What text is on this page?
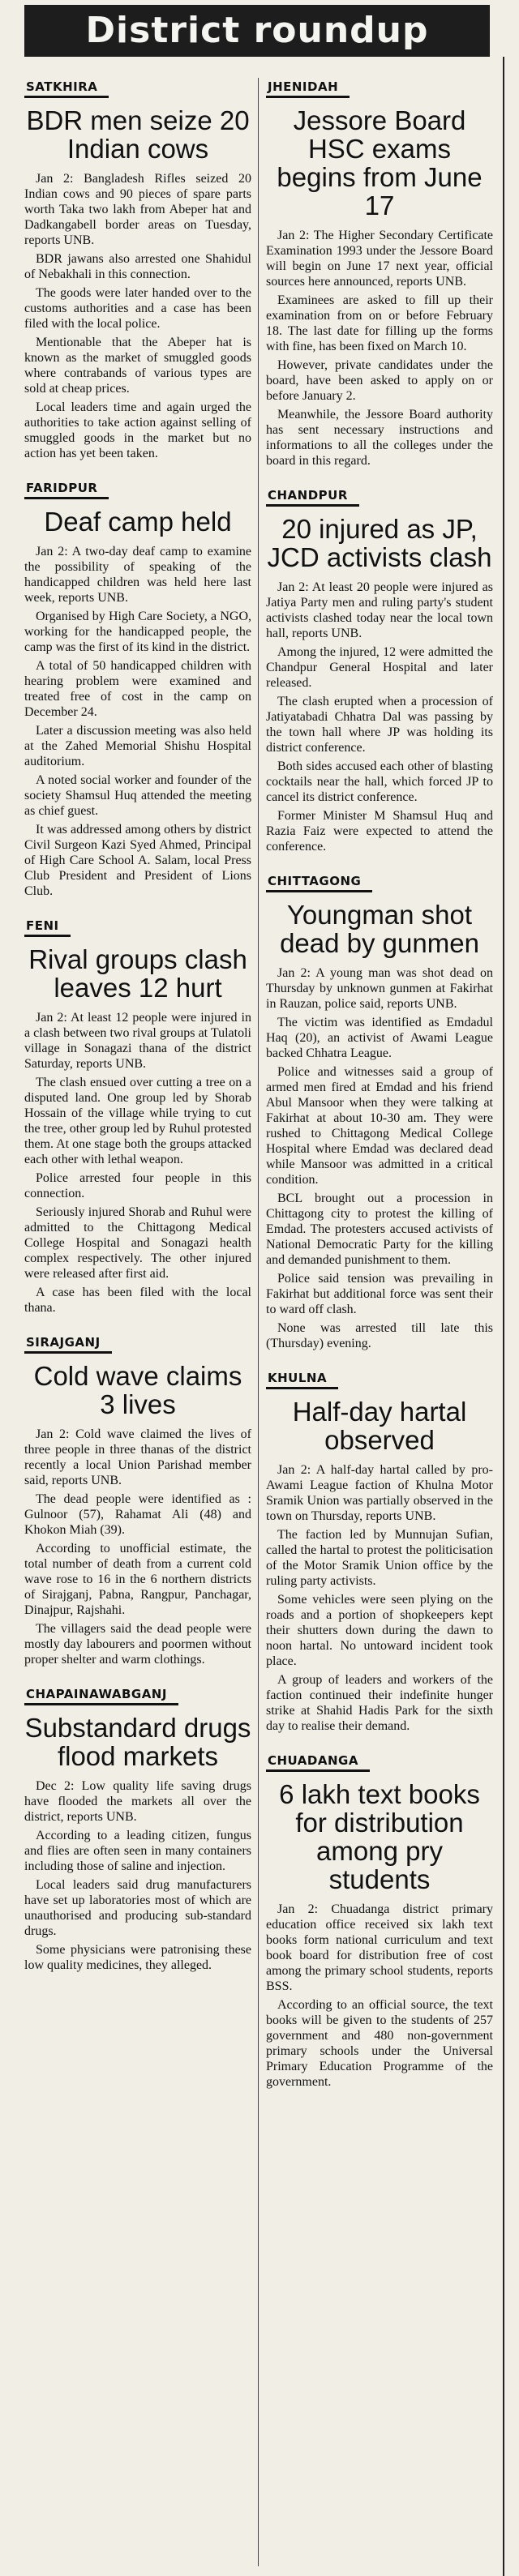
District roundup
SATKHIRA
BDR men seize 20 Indian cows

Jan 2: Bangladesh Rifles seized 20 Indian cows and 90 pieces of spare parts worth Taka two lakh from Abeper hat and Dadkangabell border areas on Tuesday, reports UNB.

BDR jawans also arrested one Shahidul of Nebakhali in this connection.

The goods were later handed over to the customs authorities and a case has been filed with the local police.

Mentionable that the Abeper hat is known as the market of smuggled goods where contrabands of various types are sold at cheap prices.

Local leaders time and again urged the authorities to take action against selling of smuggled goods in the market but no action has yet been taken.

FARIDPUR
Deaf camp held

Jan 2: A two-day deaf camp to examine the possibility of speaking of the handicapped children was held here last week, reports UNB.

Organised by High Care Society, a NGO, working for the handicapped people, the camp was the first of its kind in the district.

A total of 50 handicapped children with hearing problem were examined and treated free of cost in the camp on December 24.

Later a discussion meeting was also held at the Zahed Memorial Shishu Hospital auditorium.

A noted social worker and founder of the society Shamsul Huq attended the meeting as chief guest.

It was addressed among others by district Civil Surgeon Kazi Syed Ahmed, Principal of High Care School A. Salam, local Press Club President and President of Lions Club.

FENI
Rival groups clash leaves 12 hurt

Jan 2: At least 12 people were injured in a clash between two rival groups at Tulatoli village in Sonagazi thana of the district Saturday, reports UNB.

The clash ensued over cutting a tree on a disputed land. One group led by Shorab Hossain of the village while trying to cut the tree, other group led by Ruhul protested them. At one stage both the groups attacked each other with lethal weapon.

Police arrested four people in this connection.

Seriously injured Shorab and Ruhul were admitted to the Chittagong Medical College Hospital and Sonagazi health complex respectively. The other injured were released after first aid.

A case has been filed with the local thana.

SIRAJGANJ
Cold wave claims 3 lives

Jan 2: Cold wave claimed the lives of three people in three thanas of the district recently a local Union Parishad member said, reports UNB.

The dead people were identified as : Gulnoor (57), Rahamat Ali (48) and Khokon Miah (39).

According to unofficial estimate, the total number of death from a current cold wave rose to 16 in the 6 northern districts of Sirajganj, Pabna, Rangpur, Panchagar, Dinajpur, Rajshahi.

The villagers said the dead people were mostly day labourers and poormen without proper shelter and warm clothings.

CHAPAINAWABGANJ
Substandard drugs flood markets

Dec 2: Low quality life saving drugs have flooded the markets all over the district, reports UNB.

According to a leading citizen, fungus and flies are often seen in many containers including those of saline and injection.

Local leaders said drug manufacturers have set up laboratories most of which are unauthorised and producing sub-standard drugs.

Some physicians were patronising these low quality medicines, they alleged.

JHENIDAH
Jessore Board HSC exams begins from June 17

Jan 2: The Higher Secondary Certificate Examination 1993 under the Jessore Board will begin on June 17 next year, official sources here announced, reports UNB.

Examinees are asked to fill up their examination from on or before February 18. The last date for filling up the forms with fine, has been fixed on March 10.

However, private candidates under the board, have been asked to apply on or before January 2.

Meanwhile, the Jessore Board authority has sent necessary instructions and informations to all the colleges under the board in this regard.

CHANDPUR
20 injured as JP, JCD activists clash

Jan 2: At least 20 people were injured as Jatiya Party men and ruling party's student activists clashed today near the local town hall, reports UNB.

Among the injured, 12 were admitted the Chandpur General Hospital and later released.

The clash erupted when a procession of Jatiyatabadi Chhatra Dal was passing by the town hall where JP was holding its district conference.

Both sides accused each other of blasting cocktails near the hall, which forced JP to cancel its district conference.

Former Minister M Shamsul Huq and Razia Faiz were expected to attend the conference.

CHITTAGONG
Youngman shot dead by gunmen

Jan 2: A young man was shot dead on Thursday by unknown gunmen at Fakirhat in Rauzan, police said, reports UNB.

The victim was identified as Emdadul Haq (20), an activist of Awami League backed Chhatra League.

Police and witnesses said a group of armed men fired at Emdad and his friend Abul Mansoor when they were talking at Fakirhat at about 10-30 am. They were rushed to Chittagong Medical College Hospital where Emdad was declared dead while Mansoor was admitted in a critical condition.

BCL brought out a procession in Chittagong city to protest the killing of Emdad. The protesters accused activists of National Democratic Party for the killing and demanded punishment to them.

Police said tension was prevailing in Fakirhat but additional force was sent their to ward off clash.

None was arrested till late this (Thursday) evening.

KHULNA
Half-day hartal observed

Jan 2: A half-day hartal called by pro-Awami League faction of Khulna Motor Sramik Union was partially observed in the town on Thursday, reports UNB.

The faction led by Munnujan Sufian, called the hartal to protest the politicisation of the Motor Sramik Union office by the ruling party activists.

Some vehicles were seen plying on the roads and a portion of shopkeepers kept their shutters down during the dawn to noon hartal. No untoward incident took place.

A group of leaders and workers of the faction continued their indefinite hunger strike at Shahid Hadis Park for the sixth day to realise their demand.

CHUADANGA
6 lakh text books for distribution among pry students

Jan 2: Chuadanga district primary education office received six lakh text books form national curriculum and text book board for distribution free of cost among the primary school students, reports BSS.

According to an official source, the text books will be given to the students of 257 government and 480 non-government primary schools under the Universal Primary Education Programme of the government.
